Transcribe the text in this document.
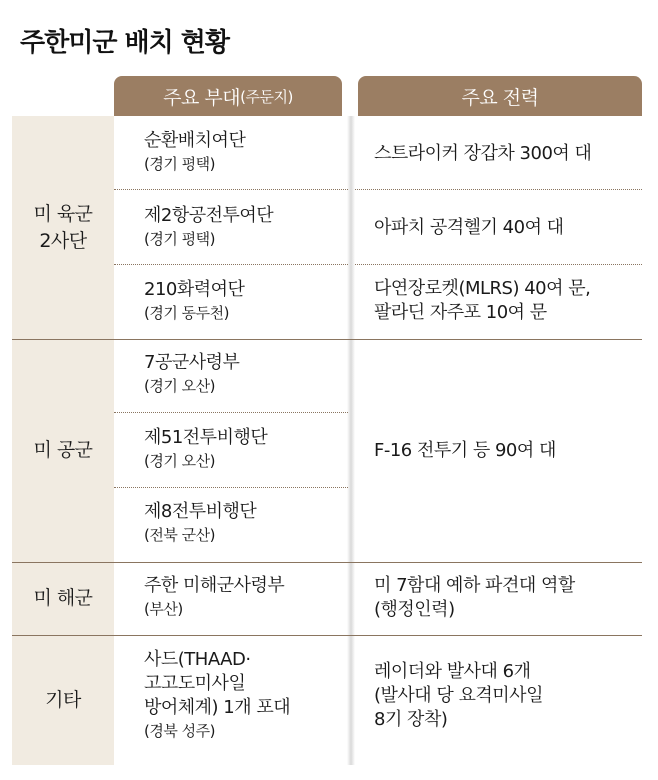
주한미군 배치 현황
주요 부대 (주둔지)	주요 전력
미 육군
2사단
미 공군
미 해군
기타
순환배치여단
(경기 평택)
제2항공전투여단
(경기 평택)
210화력여단
(경기 동두천)
스트라이커 장갑차 300여 대
아파치 공격헬기 40여 대
다연장로켓(MLRS) 40여 문,
팔라딘 자주포 10여 문
7공군사령부
(경기 오산)
제51전투비행단
(경기 오산)
제8전투비행단
(전북 군산)
F-16 전투기 등 90여 대
주한 미해군사령부
(부산)
미 7함대 예하 파견대 역할
(행정인력)
사드(THAAD·
고고도미사일
방어체계) 1개 포대
(경북 성주)
레이더와 발사대 6개
(발사대 당 요격미사일
8기 장착)
